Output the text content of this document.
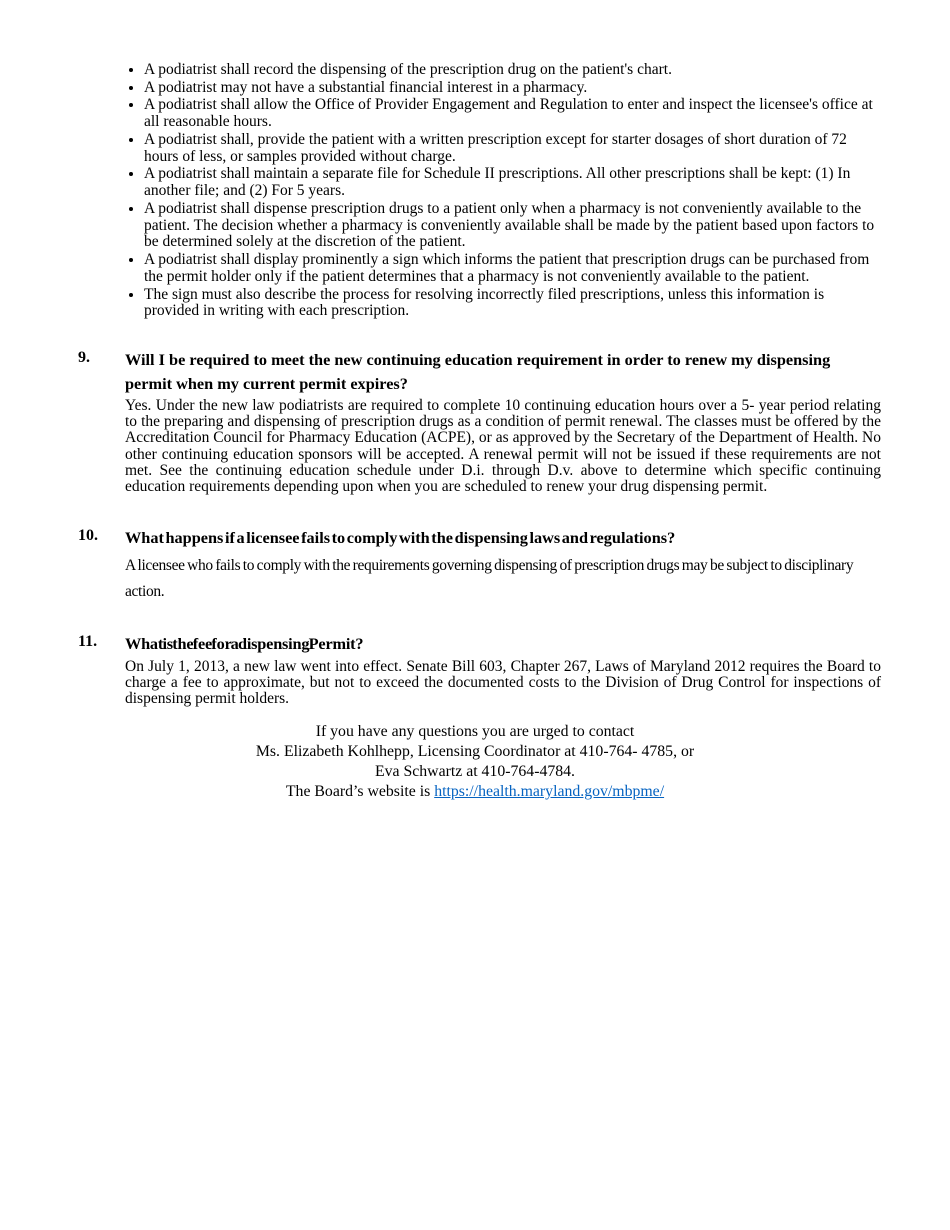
• A podiatrist shall record the dispensing of the prescription drug on the patient's chart.
• A podiatrist may not have a substantial financial interest in a pharmacy.
• A podiatrist shall allow the Office of Provider Engagement and Regulation to enter and inspect the licensee's office at all reasonable hours.
• A podiatrist shall, provide the patient with a written prescription except for starter dosages of short duration of 72 hours of less, or samples provided without charge.
• A podiatrist shall maintain a separate file for Schedule II prescriptions. All other prescriptions shall be kept: (1) In another file; and (2) For 5 years.
• A podiatrist shall dispense prescription drugs to a patient only when a pharmacy is not conveniently available to the patient. The decision whether a pharmacy is conveniently available shall be made by the patient based upon factors to be determined solely at the discretion of the patient.
• A podiatrist shall display prominently a sign which informs the patient that prescription drugs can be purchased from the permit holder only if the patient determines that a pharmacy is not conveniently available to the patient.
• The sign must also describe the process for resolving incorrectly filed prescriptions, unless this information is provided in writing with each prescription.
9. Will I be required to meet the new continuing education requirement in order to renew my dispensing permit when my current permit expires?
Yes. Under the new law podiatrists are required to complete 10 continuing education hours over a 5- year period relating to the preparing and dispensing of prescription drugs as a condition of permit renewal. The classes must be offered by the Accreditation Council for Pharmacy Education (ACPE), or as approved by the Secretary of the Department of Health. No other continuing education sponsors will be accepted. A renewal permit will not be issued if these requirements are not met. See the continuing education schedule under D.i. through D.v. above to determine which specific continuing education requirements depending upon when you are scheduled to renew your drug dispensing permit.
10. What happens if a licensee fails to comply with the dispensing laws and regulations?
A licensee who fails to comply with the requirements governing dispensing of prescription drugs may be subject to disciplinary action.
11. What is the fee for a dispensing Permit?
On July 1, 2013, a new law went into effect. Senate Bill 603, Chapter 267, Laws of Maryland 2012 requires the Board to charge a fee to approximate, but not to exceed the documented costs to the Division of Drug Control for inspections of dispensing permit holders.
If you have any questions you are urged to contact
Ms. Elizabeth Kohlhepp, Licensing Coordinator at 410-764- 4785, or
Eva Schwartz at 410-764-4784.
The Board’s website is https://health.maryland.gov/mbpme/
